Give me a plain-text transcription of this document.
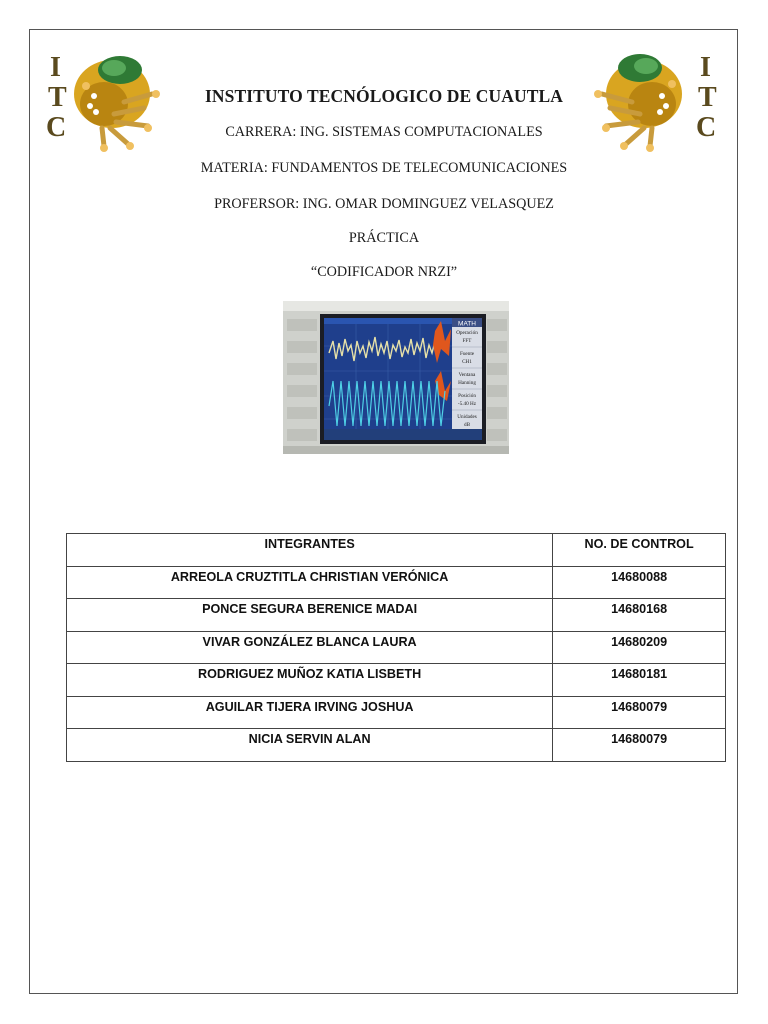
I
T
C
I
T
C
INSTITUTO TECNÓLOGICO DE CUAUTLA
CARRERA: ING. SISTEMAS COMPUTACIONALES
MATERIA: FUNDAMENTOS DE TELECOMUNICACIONES
PROFERSOR: ING. OMAR DOMINGUEZ VELASQUEZ
PRÁCTICA
“CODIFICADOR NRZI”
MATH
Operación
FFT
Fuente
CH1
Ventana
Hanning
Posición
-5.40 Hz
Unidades
dB
INTEGRANTES	NO. DE CONTROL
ARREOLA CRUZTITLA CHRISTIAN VERÓNICA	14680088
PONCE SEGURA BERENICE MADAI	14680168
VIVAR GONZÁLEZ BLANCA LAURA	14680209
RODRIGUEZ MUÑOZ KATIA LISBETH	14680181
AGUILAR TIJERA IRVING JOSHUA	14680079
NICIA SERVIN ALAN	14680079
